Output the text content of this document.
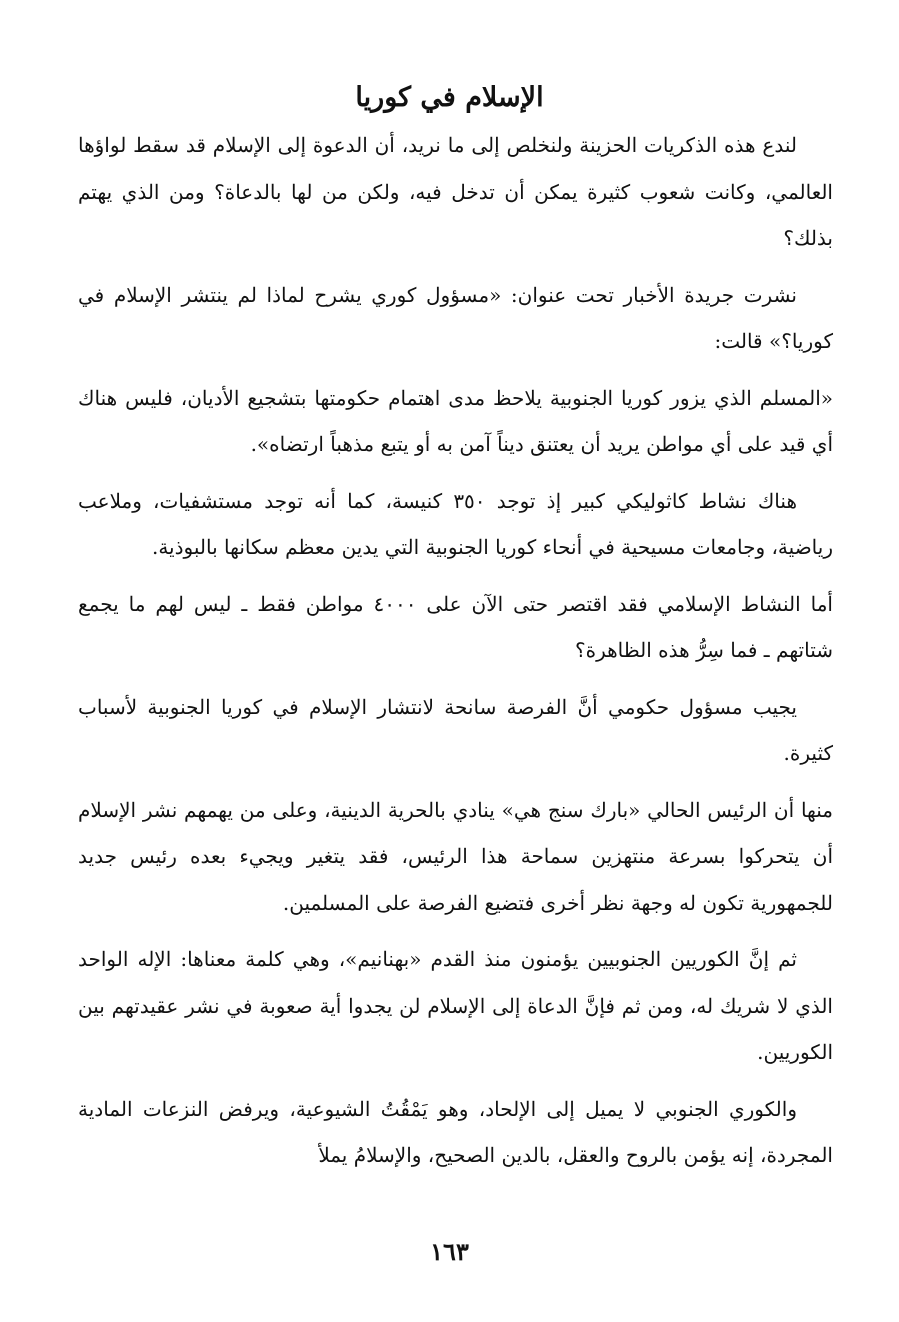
الإسلام في كوريا

لندع هذه الذكريات الحزينة ولنخلص إلى ما نريد، أن الدعوة إلى الإسلام قد سقط لواؤها العالمي، وكانت شعوب كثيرة يمكن أن تدخل فيه، ولكن من لها بالدعاة؟ ومن الذي يهتم بذلك؟

نشرت جريدة الأخبار تحت عنوان: «مسؤول كوري يشرح لماذا لم ينتشر الإسلام في كوريا؟» قالت:

«المسلم الذي يزور كوريا الجنوبية يلاحظ مدى اهتمام حكومتها بتشجيع الأديان، فليس هناك أي قيد على أي مواطن يريد أن يعتنق ديناً آمن به أو يتبع مذهباً ارتضاه».

هناك نشاط كاثوليكي كبير إذ توجد ٣٥٠ كنيسة، كما أنه توجد مستشفيات، وملاعب رياضية، وجامعات مسيحية في أنحاء كوريا الجنوبية التي يدين معظم سكانها بالبوذية.

أما النشاط الإسلامي فقد اقتصر حتى الآن على ٤٠٠٠ مواطن فقط ـ ليس لهم ما يجمع شتاتهم ـ فما سِرُّ هذه الظاهرة؟

يجيب مسؤول حكومي أنَّ الفرصة سانحة لانتشار الإسلام في كوريا الجنوبية لأسباب كثيرة.

منها أن الرئيس الحالي «بارك سنج هي» ينادي بالحرية الدينية، وعلى من يهمهم نشر الإسلام أن يتحركوا بسرعة منتهزين سماحة هذا الرئيس، فقد يتغير ويجيء بعده رئيس جديد للجمهورية تكون له وجهة نظر أخرى فتضيع الفرصة على المسلمين.

ثم إنَّ الكوريين الجنوبيين يؤمنون منذ القدم «بهنانيم»، وهي كلمة معناها: الإله الواحد الذي لا شريك له، ومن ثم فإنَّ الدعاة إلى الإسلام لن يجدوا أية صعوبة في نشر عقيدتهم بين الكوريين.

والكوري الجنوبي لا يميل إلى الإلحاد، وهو يَمْقُتُ الشيوعية، ويرفض النزعات المادية المجردة، إنه يؤمن بالروح والعقل، بالدين الصحيح، والإسلامُ يملأ

١٦٣
